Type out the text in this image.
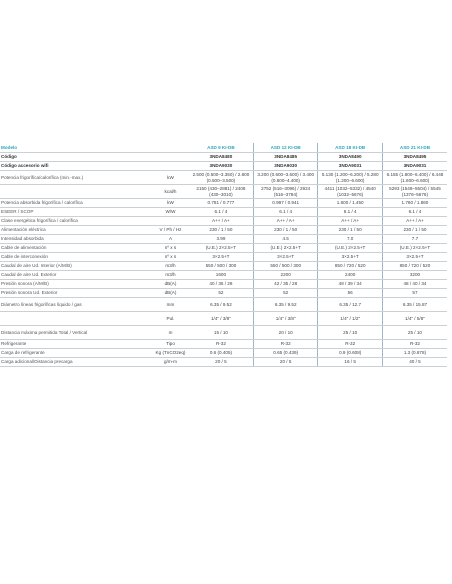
Modelo		ASD 9 KI-DB	ASD 12 KI-DB	ASD 18 KI-DB	ASD 21 KI-DB
Código		3NDA8480	3NDA8485	3NDA8490	3NDA8495
Código accesorio wifi		3NDA9030	3NDA9030	3NDA9031	3NDA9031
Potencia frigorífica/calorífica (min.-max.)	kW	2.500 (0.500–3.350) / 2.800 (0.500–3.500)	3.200 (0.600–3.600) / 3.400 (0.600–4.400)	5.130 (1.200–6.200) / 5.280 (1.200–6.600)	6.155 (1.800–6.400) / 6.448 (1.600–6.600)
	kcal/h	2150 (430–2881) / 2408 (430–3010)	2752 (516–3096) / 2924 (516–3784)	4411 (1032–5332) / 4540 (1032–5676)	5293 (1548–5504) / 5545 (1376–5676)
Potencia absorbida frigorífica / calorífica	kW	0.781 / 0.777	0.997 / 0.941	1.600 / 1.450	1.760 / 1.860
ESEER / SCOP	W/W	6.1 / 4	6.1 / 4	6.1 / 4	6.1 / 4
Clase energética frigorífica / calorífica		A++ / A+	A++ / A+	A++ / A+	A++ / A+
Alimentación eléctrica	V / Ph / Hz	230 / 1 / 50	230 / 1 / 50	230 / 1 / 50	230 / 1 / 50
Intensidad absorbida	A	3.99	4.5	7.0	7.7
Cable de alimentación	nº x s	(U.E.) 2×2.5+T	(U.E.) 2×2.5+T	(U.E.) 2×2.5+T	(U.E.) 2×2.5+T
Cable de interconexión	nº x s	3×2.5+T	3×2.5+T	3×2.5+T	3×2.5+T
Caudal de aire Ud. Interior (A/M/B)	m3/h	550 / 500 / 300	550 / 500 / 300	850 / 720 / 520	850 / 720 / 520
Caudal de aire Ud. Exterior	m3/h	1600	2200	2400	3200
Presión sonora (A/M/B)	dB(A)	40 / 35 / 28	42 / 35 / 28	48 / 39 / 34	48 / 40 / 34
Presión sonora Ud. Exterior	dB(A)	52	52	56	57
Diámetro líneas frigoríficas líquido / gas	mm	6.35 / 9.52	6.35 / 9.52	6.35 / 12.7	6.35 / 15.87
	Pul.	1/4" / 3/8"	1/4" / 3/8"	1/4" / 1/2"	1/4" / 5/8"
Distancia máxima permitida Total / Vertical	m	15 / 10	20 / 10	25 / 10	25 / 10
Refrigerante	Tipo	R-32	R-32	R-32	R-32
Carga de refrigerante	Kg (TnCO2eq)	0.6 (0.405)	0.65 (0.439)	0.9 (0.608)	1.3 (0.878)
Carga adicional/Distancia precarga	g/m-m	20 / 5	20 / 5	16 / 5	40 / 5
